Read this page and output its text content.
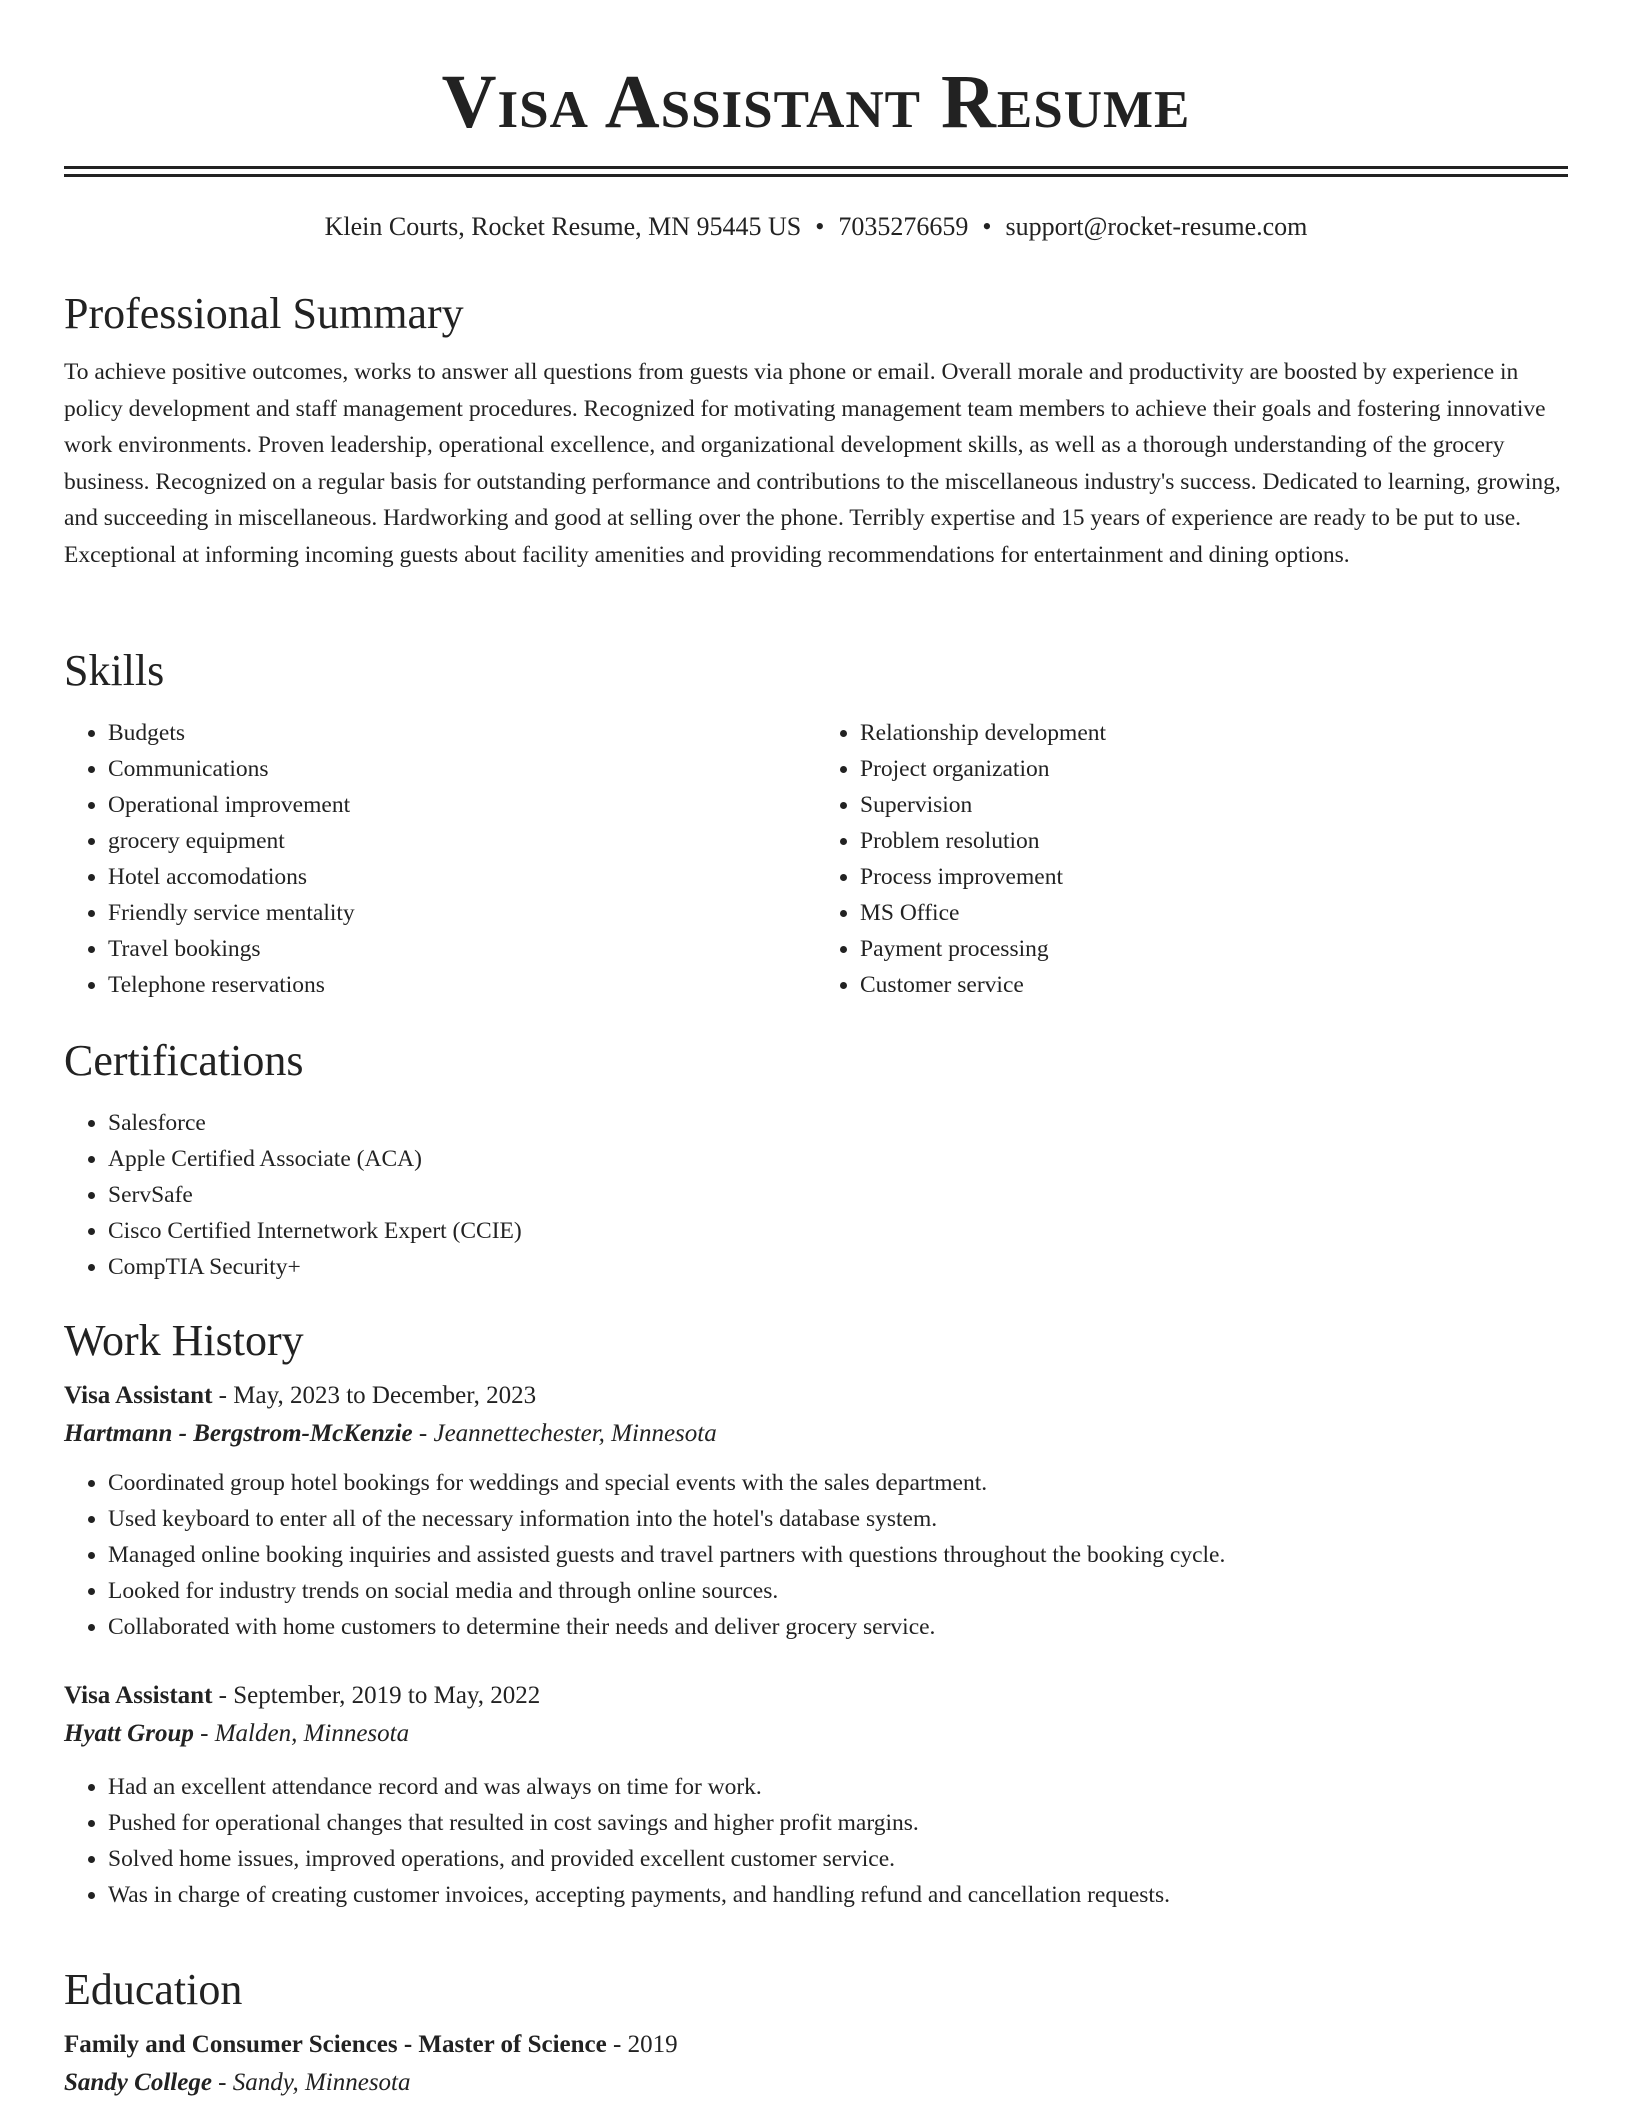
Visa Assistant Resume
Klein Courts, Rocket Resume, MN 95445 US • 7035276659 • support@rocket-resume.com
Professional Summary

To achieve positive outcomes, works to answer all questions from guests via phone or email. Overall morale and productivity are boosted by experience in policy development and staff management procedures. Recognized for motivating management team members to achieve their goals and fostering innovative work environments. Proven leadership, operational excellence, and organizational development skills, as well as a thorough understanding of the grocery business. Recognized on a regular basis for outstanding performance and contributions to the miscellaneous industry's success. Dedicated to learning, growing, and succeeding in miscellaneous. Hardworking and good at selling over the phone. Terribly expertise and 15 years of experience are ready to be put to use. Exceptional at informing incoming guests about facility amenities and providing recommendations for entertainment and dining options.

Skills
• Budgets
• Communications
• Operational improvement
• grocery equipment
• Hotel accomodations
• Friendly service mentality
• Travel bookings
• Telephone reservations
• Relationship development
• Project organization
• Supervision
• Problem resolution
• Process improvement
• MS Office
• Payment processing
• Customer service
Certifications
• Salesforce
• Apple Certified Associate (ACA)
• ServSafe
• Cisco Certified Internetwork Expert (CCIE)
• CompTIA Security+
Work History
Visa Assistant - May, 2023 to December, 2023
Hartmann - Bergstrom-McKenzie - Jeannettechester, Minnesota
• Coordinated group hotel bookings for weddings and special events with the sales department.
• Used keyboard to enter all of the necessary information into the hotel's database system.
• Managed online booking inquiries and assisted guests and travel partners with questions throughout the booking cycle.
• Looked for industry trends on social media and through online sources.
• Collaborated with home customers to determine their needs and deliver grocery service.
Visa Assistant - September, 2019 to May, 2022
Hyatt Group - Malden, Minnesota
• Had an excellent attendance record and was always on time for work.
• Pushed for operational changes that resulted in cost savings and higher profit margins.
• Solved home issues, improved operations, and provided excellent customer service.
• Was in charge of creating customer invoices, accepting payments, and handling refund and cancellation requests.
Education
Family and Consumer Sciences - Master of Science - 2019
Sandy College - Sandy, Minnesota
